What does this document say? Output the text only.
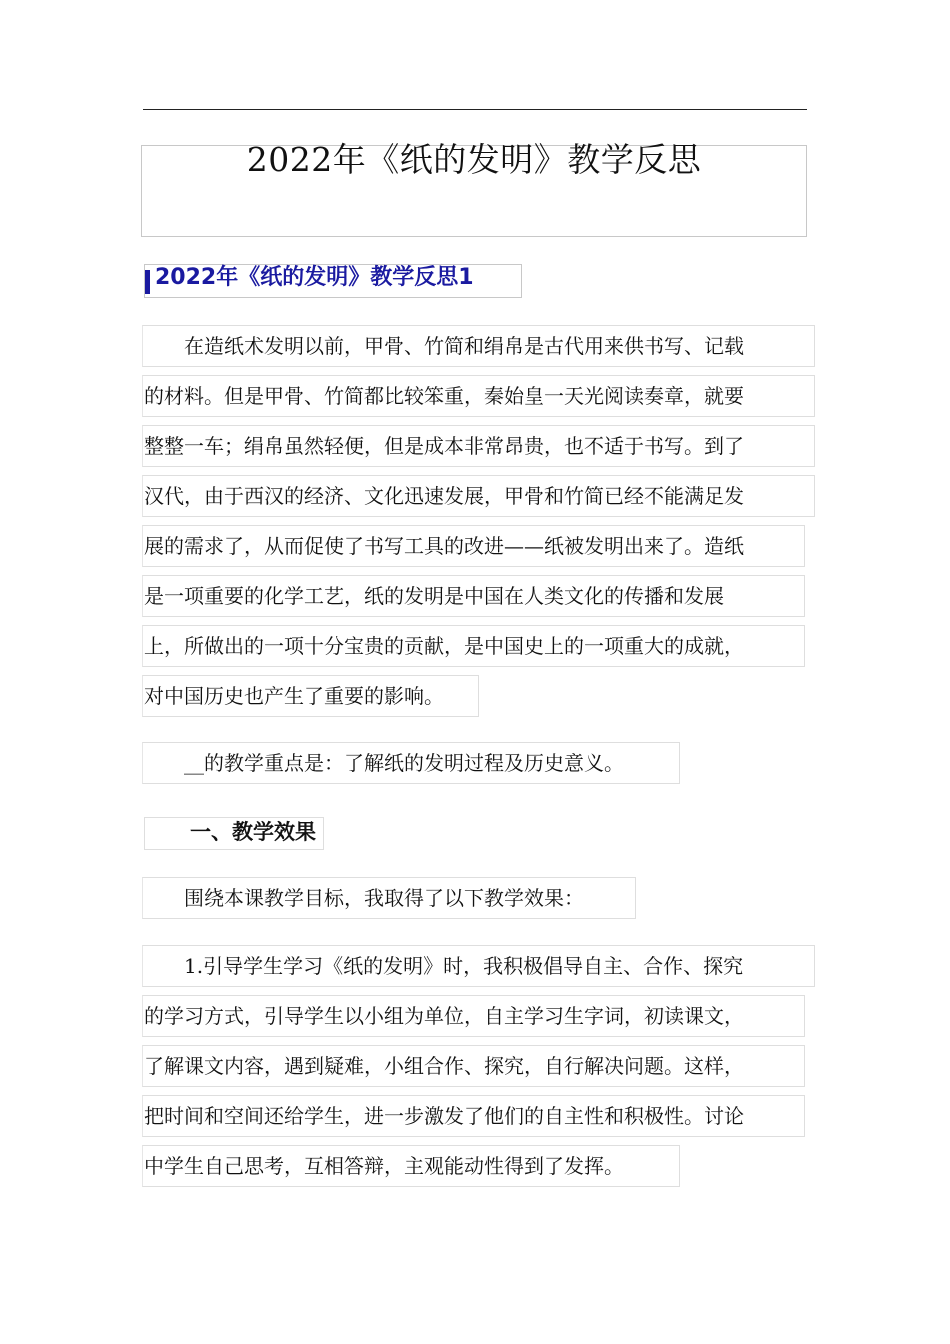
2022年《纸的发明》教学反思
2022年《纸的发明》教学反思1
　　在造纸术发明以前，甲骨、竹简和绢帛是古代用来供书写、记载
的材料。但是甲骨、竹简都比较笨重，秦始皇一天光阅读奏章，就要
整整一车；绢帛虽然轻便，但是成本非常昂贵，也不适于书写。到了
汉代，由于西汉的经济、文化迅速发展，甲骨和竹简已经不能满足发
展的需求了，从而促使了书写工具的改进——纸被发明出来了。造纸
是一项重要的化学工艺，纸的发明是中国在人类文化的传播和发展
上，所做出的一项十分宝贵的贡献，是中国史上的一项重大的成就，
对中国历史也产生了重要的影响。
　　__的教学重点是：了解纸的发明过程及历史意义。
一、教学效果
　　围绕本课教学目标，我取得了以下教学效果：
　　1.引导学生学习《纸的发明》时，我积极倡导自主、合作、探究
的学习方式，引导学生以小组为单位，自主学习生字词，初读课文，
了解课文内容，遇到疑难，小组合作、探究，自行解决问题。这样，
把时间和空间还给学生，进一步激发了他们的自主性和积极性。讨论
中学生自己思考，互相答辩，主观能动性得到了发挥。
